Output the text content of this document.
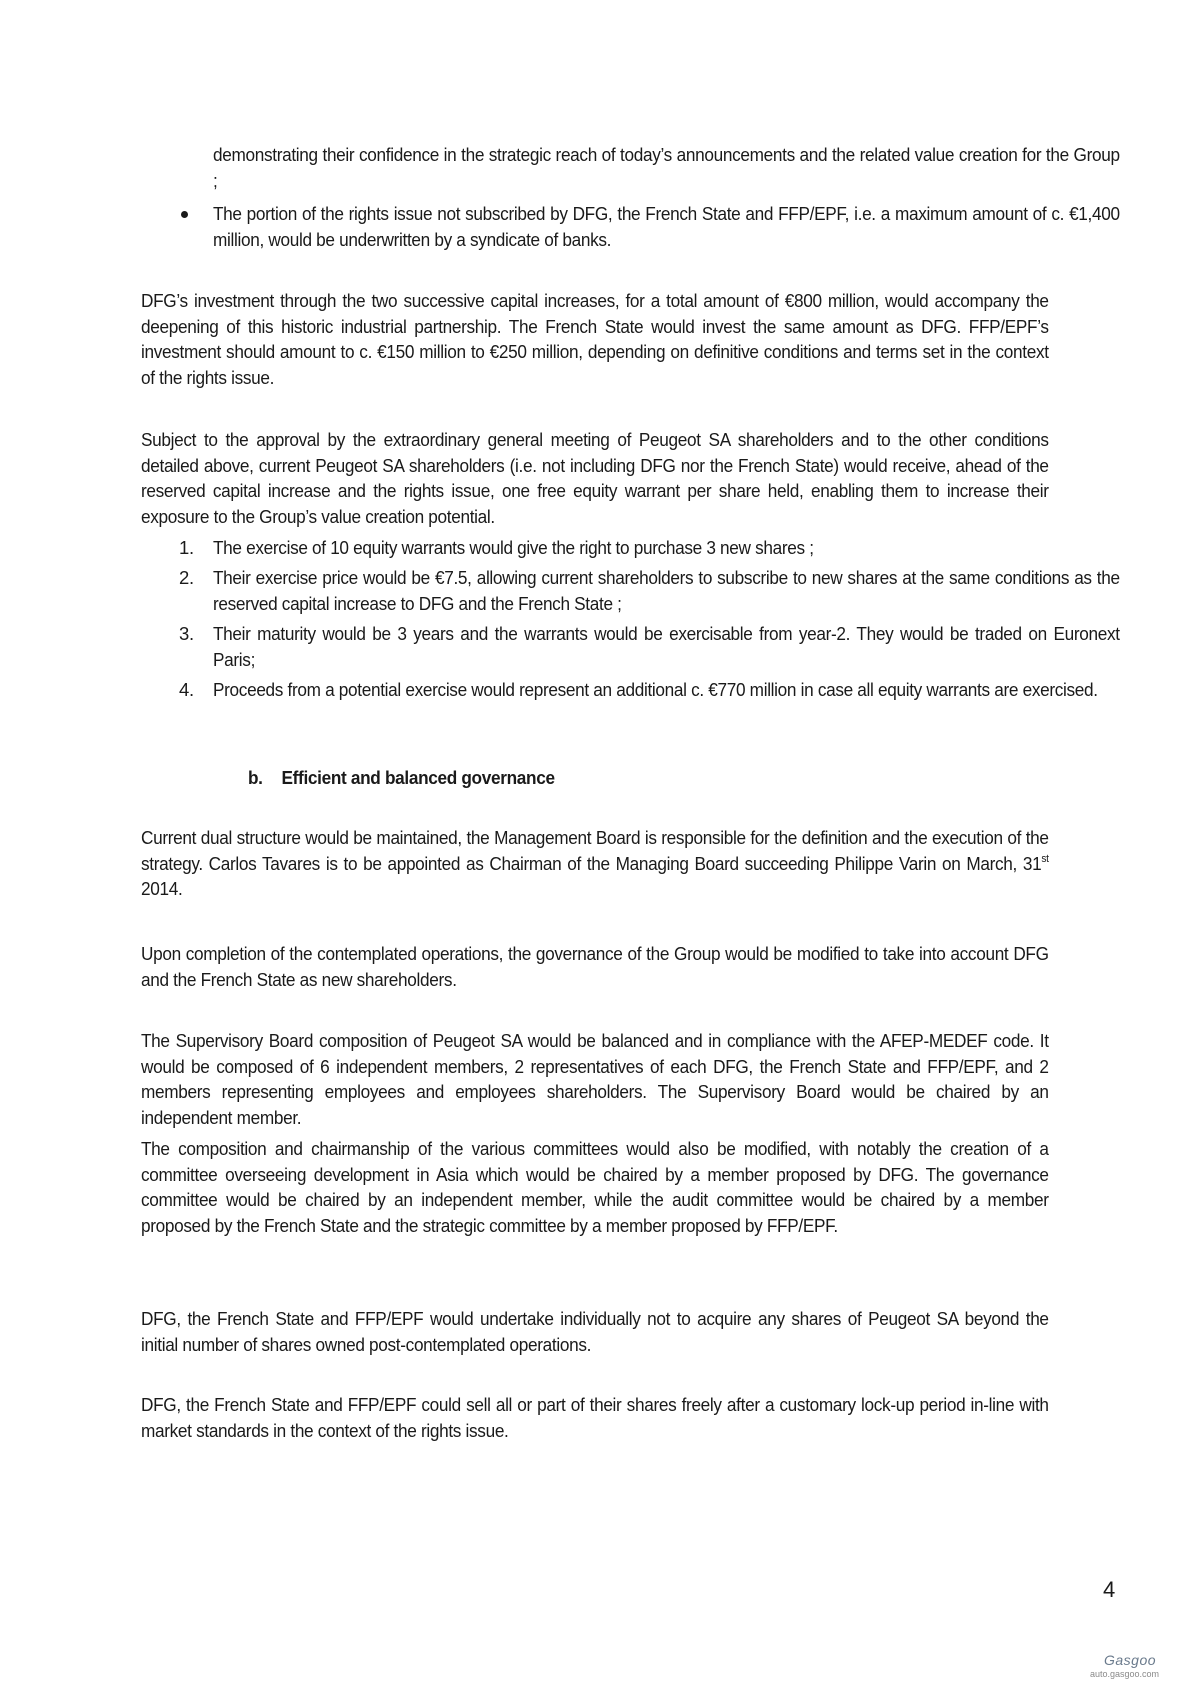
demonstrating their confidence in the strategic reach of today’s announcements and the related value creation for the Group ;
The portion of the rights issue not subscribed by DFG, the French State and FFP/EPF, i.e. a maximum amount of c. €1,400 million, would be underwritten by a syndicate of banks.
DFG’s investment through the two successive capital increases, for a total amount of €800 million, would accompany the deepening of this historic industrial partnership. The French State would invest the same amount as DFG. FFP/EPF’s investment should amount to c. €150 million to €250 million, depending on definitive conditions and terms set in the context of the rights issue.
Subject to the approval by the extraordinary general meeting of Peugeot SA shareholders and to the other conditions detailed above, current Peugeot SA shareholders (i.e. not including DFG nor the French State) would receive, ahead of the reserved capital increase and the rights issue, one free equity warrant per share held, enabling them to increase their exposure to the Group’s value creation potential.
1. The exercise of 10 equity warrants would give the right to purchase 3 new shares ;
2. Their exercise price would be €7.5, allowing current shareholders to subscribe to new shares at the same conditions as the reserved capital increase to DFG and the French State ;
3. Their maturity would be 3 years and the warrants would be exercisable from year-2. They would be traded on Euronext Paris;
4. Proceeds from a potential exercise would represent an additional c. €770 million in case all equity warrants are exercised.
b. Efficient and balanced governance
Current dual structure would be maintained, the Management Board is responsible for the definition and the execution of the strategy. Carlos Tavares is to be appointed as Chairman of the Managing Board succeeding Philippe Varin on March, 31st 2014.
Upon completion of the contemplated operations, the governance of the Group would be modified to take into account DFG and the French State as new shareholders.
The Supervisory Board composition of Peugeot SA would be balanced and in compliance with the AFEP-MEDEF code. It would be composed of 6 independent members, 2 representatives of each DFG, the French State and FFP/EPF, and 2 members representing employees and employees shareholders. The Supervisory Board would be chaired by an independent member.
The composition and chairmanship of the various committees would also be modified, with notably the creation of a committee overseeing development in Asia which would be chaired by a member proposed by DFG. The governance committee would be chaired by an independent member, while the audit committee would be chaired by a member proposed by the French State and the strategic committee by a member proposed by FFP/EPF.
DFG, the French State and FFP/EPF would undertake individually not to acquire any shares of Peugeot SA beyond the initial number of shares owned post-contemplated operations.
DFG, the French State and FFP/EPF could sell all or part of their shares freely after a customary lock-up period in-line with market standards in the context of the rights issue.
4
Gasgoo
auto.gasgoo.com
